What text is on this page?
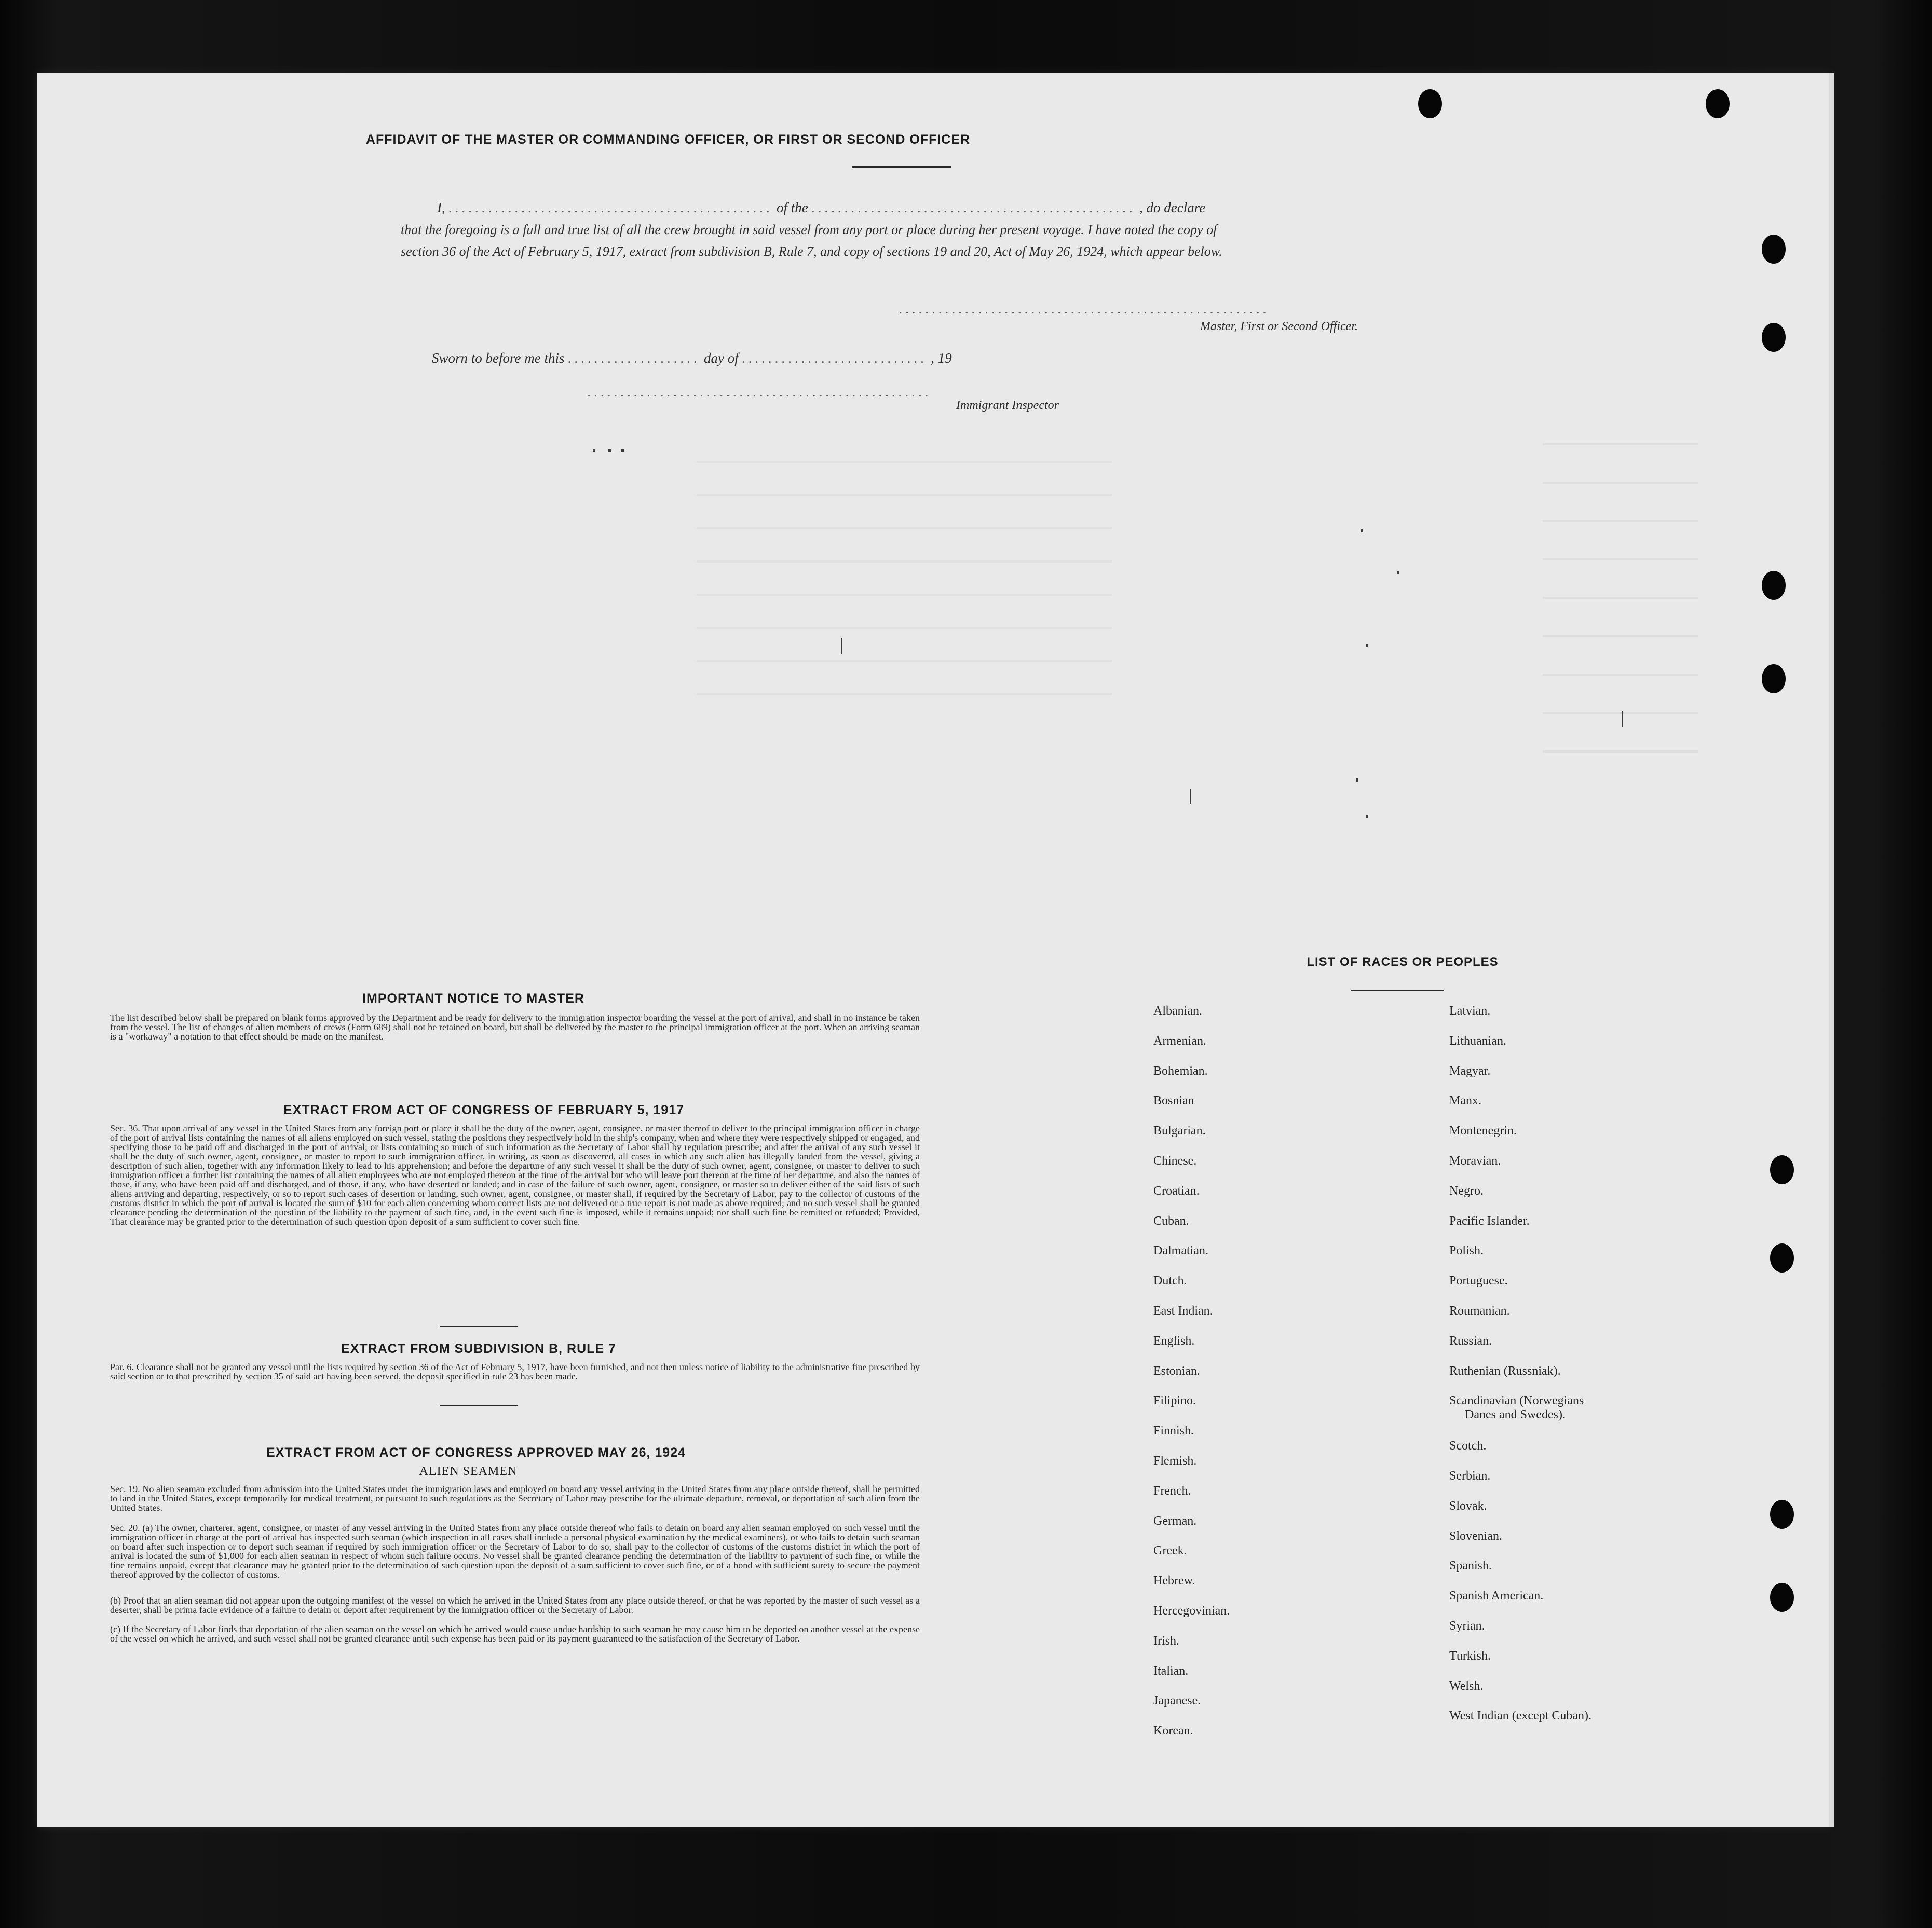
AFFIDAVIT OF THE MASTER OR COMMANDING OFFICER, OR FIRST OR SECOND OFFICER
I, ................................................. of the ................................................. , do declare
that the foregoing is a full and true list of all the crew brought in said vessel from any port or place during her present voyage. I have noted the copy of
section 36 of the Act of February 5, 1917, extract from subdivision B, Rule 7, and copy of sections 19 and 20, Act of May 26, 1924, which appear below.
........................................................
Master, First or Second Officer.
Sworn to before me this .................... day of ............................ , 19
....................................................
Immigrant Inspector
IMPORTANT NOTICE TO MASTER
The list described below shall be prepared on blank forms approved by the Department and be ready for delivery to the immigration inspector boarding the vessel at the port of arrival, and shall in no instance be taken from the vessel. The list of changes of alien members of crews (Form 689) shall not be retained on board, but shall be delivered by the master to the principal immigration officer at the port. When an arriving seaman is a "workaway" a notation to that effect should be made on the manifest.
EXTRACT FROM ACT OF CONGRESS OF FEBRUARY 5, 1917
Sec. 36. That upon arrival of any vessel in the United States from any foreign port or place it shall be the duty of the owner, agent, consignee, or master thereof to deliver to the principal immigration officer in charge of the port of arrival lists containing the names of all aliens employed on such vessel, stating the positions they respectively hold in the ship's company, when and where they were respectively shipped or engaged, and specifying those to be paid off and discharged in the port of arrival; or lists containing so much of such information as the Secretary of Labor shall by regulation prescribe; and after the arrival of any such vessel it shall be the duty of such owner, agent, consignee, or master to report to such immigration officer, in writing, as soon as discovered, all cases in which any such alien has illegally landed from the vessel, giving a description of such alien, together with any information likely to lead to his apprehension; and before the departure of any such vessel it shall be the duty of such owner, agent, consignee, or master to deliver to such immigration officer a further list containing the names of all alien employees who are not employed thereon at the time of the arrival but who will leave port thereon at the time of her departure, and also the names of those, if any, who have been paid off and discharged, and of those, if any, who have deserted or landed; and in case of the failure of such owner, agent, consignee, or master so to deliver either of the said lists of such aliens arriving and departing, respectively, or so to report such cases of desertion or landing, such owner, agent, consignee, or master shall, if required by the Secretary of Labor, pay to the collector of customs of the customs district in which the port of arrival is located the sum of $10 for each alien concerning whom correct lists are not delivered or a true report is not made as above required; and no such vessel shall be granted clearance pending the determination of the question of the liability to the payment of such fine, and, in the event such fine is imposed, while it remains unpaid; nor shall such fine be remitted or refunded; Provided, That clearance may be granted prior to the determination of such question upon deposit of a sum sufficient to cover such fine.
EXTRACT FROM SUBDIVISION B, RULE 7
Par. 6. Clearance shall not be granted any vessel until the lists required by section 36 of the Act of February 5, 1917, have been furnished, and not then unless notice of liability to the administrative fine prescribed by said section or to that prescribed by section 35 of said act having been served, the deposit specified in rule 23 has been made.
EXTRACT FROM ACT OF CONGRESS APPROVED MAY 26, 1924
ALIEN SEAMEN
Sec. 19. No alien seaman excluded from admission into the United States under the immigration laws and employed on board any vessel arriving in the United States from any place outside thereof, shall be permitted to land in the United States, except temporarily for medical treatment, or pursuant to such regulations as the Secretary of Labor may prescribe for the ultimate departure, removal, or deportation of such alien from the United States.
Sec. 20. (a) The owner, charterer, agent, consignee, or master of any vessel arriving in the United States from any place outside thereof who fails to detain on board any alien seaman employed on such vessel until the immigration officer in charge at the port of arrival has inspected such seaman (which inspection in all cases shall include a personal physical examination by the medical examiners), or who fails to detain such seaman on board after such inspection or to deport such seaman if required by such immigration officer or the Secretary of Labor to do so, shall pay to the collector of customs of the customs district in which the port of arrival is located the sum of $1,000 for each alien seaman in respect of whom such failure occurs. No vessel shall be granted clearance pending the determination of the liability to payment of such fine, or while the fine remains unpaid, except that clearance may be granted prior to the determination of such question upon the deposit of a sum sufficient to cover such fine, or of a bond with sufficient surety to secure the payment thereof approved by the collector of customs.
(b) Proof that an alien seaman did not appear upon the outgoing manifest of the vessel on which he arrived in the United States from any place outside thereof, or that he was reported by the master of such vessel as a deserter, shall be prima facie evidence of a failure to detain or deport after requirement by the immigration officer or the Secretary of Labor.
(c) If the Secretary of Labor finds that deportation of the alien seaman on the vessel on which he arrived would cause undue hardship to such seaman he may cause him to be deported on another vessel at the expense of the vessel on which he arrived, and such vessel shall not be granted clearance until such expense has been paid or its payment guaranteed to the satisfaction of the Secretary of Labor.
LIST OF RACES OR PEOPLES
Albanian.
Armenian.
Bohemian.
Bosnian
Bulgarian.
Chinese.
Croatian.
Cuban.
Dalmatian.
Dutch.
East Indian.
English.
Estonian.
Filipino.
Finnish.
Flemish.
French.
German.
Greek.
Hebrew.
Hercegovinian.
Irish.
Italian.
Japanese.
Korean.
Latvian.
Lithuanian.
Magyar.
Manx.
Montenegrin.
Moravian.
Negro.
Pacific Islander.
Polish.
Portuguese.
Roumanian.
Russian.
Ruthenian (Russniak).
Scandinavian (Norwegians
Danes and Swedes).
Scotch.
Serbian.
Slovak.
Slovenian.
Spanish.
Spanish American.
Syrian.
Turkish.
Welsh.
West Indian (except Cuban).
